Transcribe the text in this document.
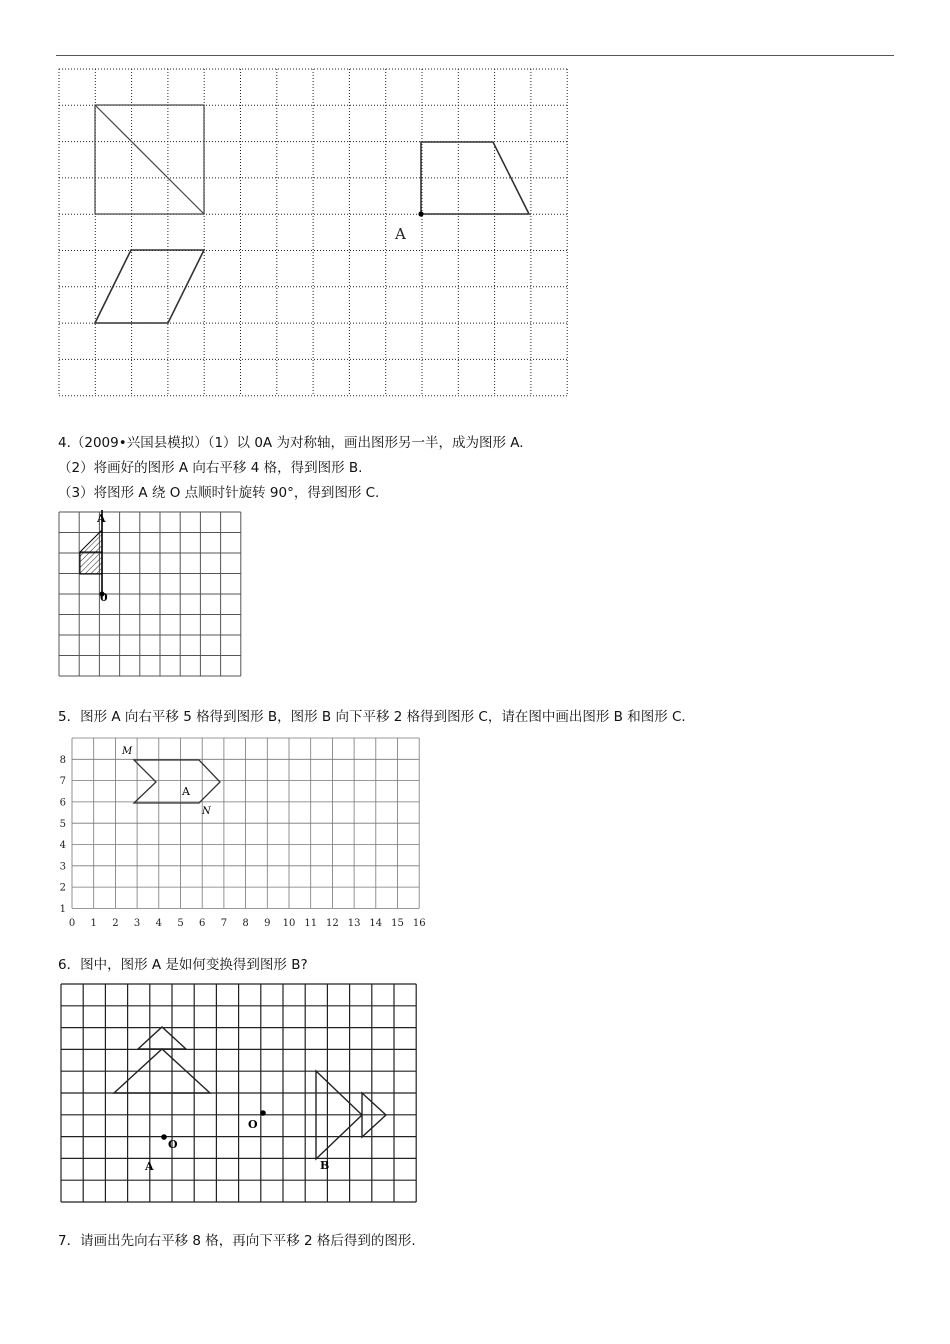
A
4.（2009•兴国县模拟）（1）以 0A 为对称轴，画出图形另一半，成为图形 A.
（2）将画好的图形 A 向右平移 4 格，得到图形 B.
（3）将图形 A 绕 O 点顺时针旋转 90°，得到图形 C.
A
0
5．图形 A 向右平移 5 格得到图形 B，图形 B 向下平移 2 格得到图形 C，请在图中画出图形 B 和图形 C.
0 1 2 3 4 5 6 7 8 9 10 11 12 13 14 15 16
1
2
3
4
5
6
7
8
M
N
A
6．图中，图形 A 是如何变换得到图形 B?
O
O
A	B
7．请画出先向右平移 8 格，再向下平移 2 格后得到的图形.
